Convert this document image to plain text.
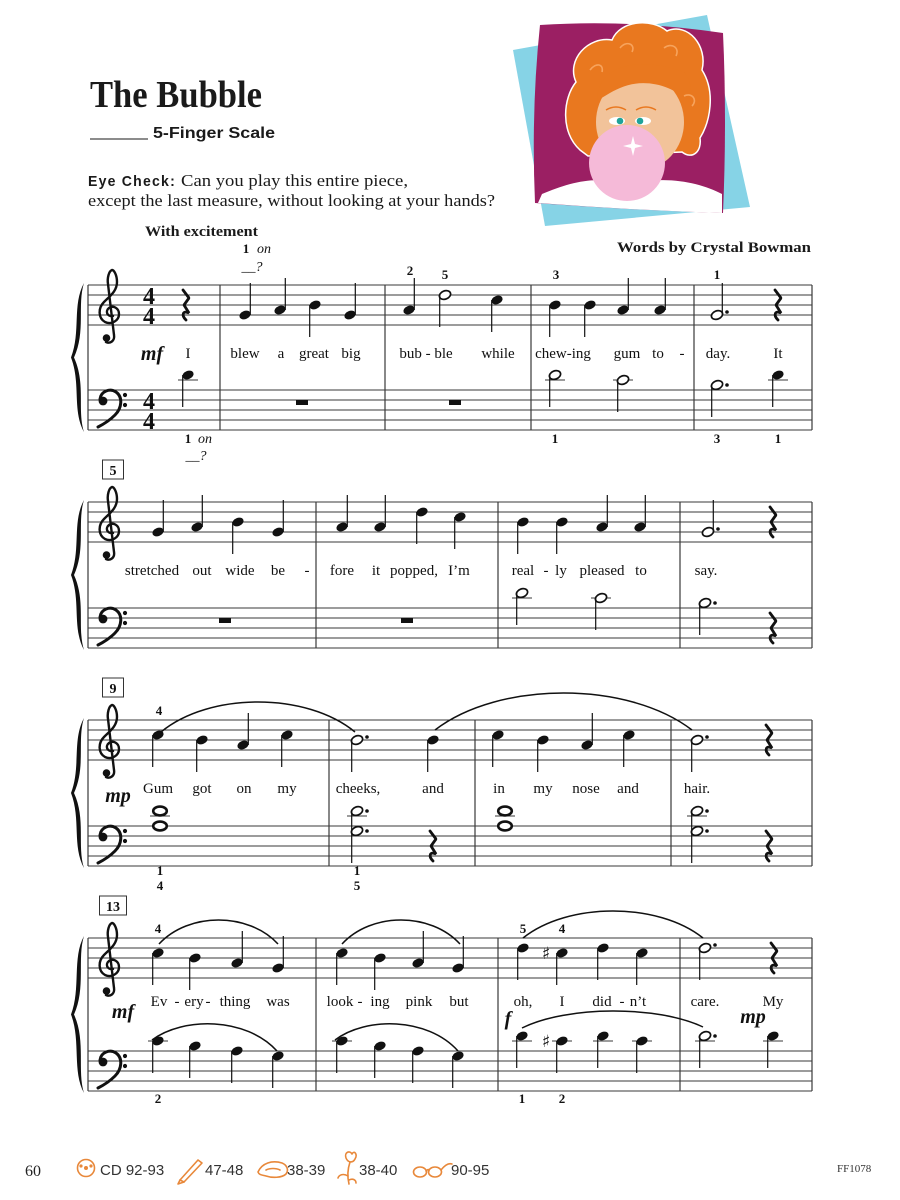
The Bubble
5-Finger Scale
Eye Check: Can you play this entire piece,
except the last measure, without looking at your hands?
With excitement
Words by Crystal Bowman
4
4
4
4
I	blew a great big	bub - ble while chew-ing gum to - day.	It
1
2 5	3	1
1	1	3	1
on
__?
on
__?
mf
5
stretched out wide be - fore it popped, I’m	real - ly pleased to	say.
9
Gum got on my	cheeks,	and	in my nose and	hair.
4
1
4
1
5
mp
13
♯
♯
Ev - ery - thing was look - ing pink but	oh, I did - n’t	care.	My
4	5	4
2	1	2
mf	f	mp
60	CD 92-93	47-48	38-39 38-40	90-95	FF1078
